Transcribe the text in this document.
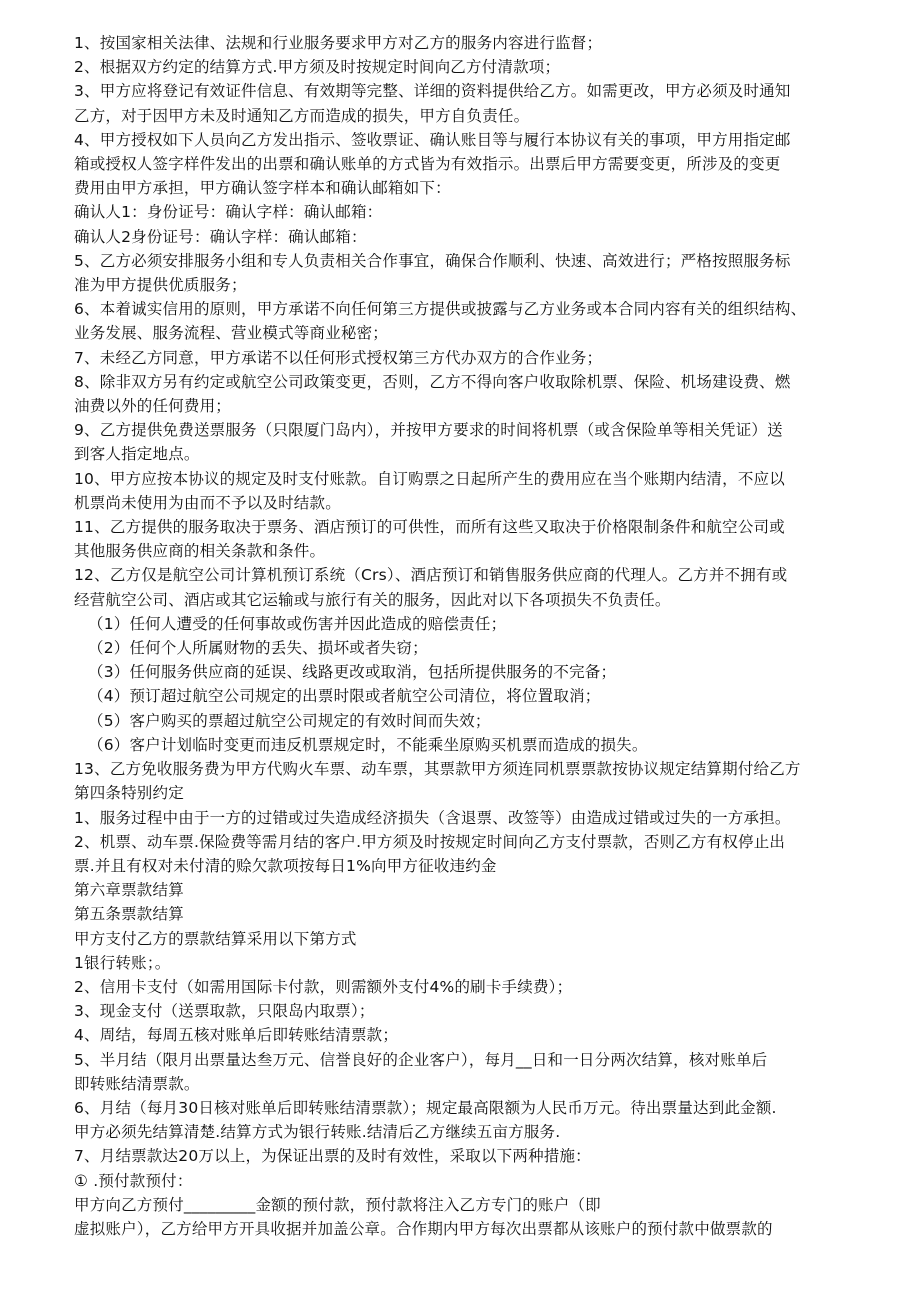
1、按国家相关法律、法规和行业服务要求甲方对乙方的服务内容进行监督；
2、根据双方约定的结算方式.甲方须及时按规定时间向乙方付清款项；
3、甲方应将登记有效证件信息、有效期等完整、详细的资料提供给乙方。如需更改，甲方必须及时通知
乙方，对于因甲方未及时通知乙方而造成的损失，甲方自负责任。
4、甲方授权如下人员向乙方发出指示、签收票证、确认账目等与履行本协议有关的事项，甲方用指定邮
箱或授权人签字样件发出的出票和确认账单的方式皆为有效指示。出票后甲方需要变更，所涉及的变更
费用由甲方承担，甲方确认签字样本和确认邮箱如下：
确认人1：身份证号：确认字样：确认邮箱：
确认人2身份证号：确认字样：确认邮箱：
5、乙方必须安排服务小组和专人负责相关合作事宜，确保合作顺利、快速、高效进行；严格按照服务标
准为甲方提供优质服务；
6、本着诚实信用的原则，甲方承诺不向任何第三方提供或披露与乙方业务或本合同内容有关的组织结构、
业务发展、服务流程、营业模式等商业秘密；
7、未经乙方同意，甲方承诺不以任何形式授权第三方代办双方的合作业务；
8、除非双方另有约定或航空公司政策变更，否则，乙方不得向客户收取除机票、保险、机场建设费、燃
油费以外的任何费用；
9、乙方提供免费送票服务（只限厦门岛内），并按甲方要求的时间将机票（或含保险单等相关凭证）送
到客人指定地点。
10、甲方应按本协议的规定及时支付账款。自订购票之日起所产生的费用应在当个账期内结清，不应以
机票尚未使用为由而不予以及时结款。
11、乙方提供的服务取决于票务、酒店预订的可供性，而所有这些又取决于价格限制条件和航空公司或
其他服务供应商的相关条款和条件。
12、乙方仅是航空公司计算机预订系统（Crs）、酒店预订和销售服务供应商的代理人。乙方并不拥有或
经营航空公司、酒店或其它运输或与旅行有关的服务，因此对以下各项损失不负责任。
（1）任何人遭受的任何事故或伤害并因此造成的赔偿责任；
（2）任何个人所属财物的丢失、损坏或者失窃；
（3）任何服务供应商的延误、线路更改或取消，包括所提供服务的不完备；
（4）预订超过航空公司规定的出票时限或者航空公司清位，将位置取消；
（5）客户购买的票超过航空公司规定的有效时间而失效；
（6）客户计划临时变更而违反机票规定时，不能乘坐原购买机票而造成的损失。
13、乙方免收服务费为甲方代购火车票、动车票，其票款甲方须连同机票票款按协议规定结算期付给乙方
第四条特别约定
1、服务过程中由于一方的过错或过失造成经济损失（含退票、改签等）由造成过错或过失的一方承担。
2、机票、动车票.保险费等需月结的客户.甲方须及时按规定时间向乙方支付票款，否则乙方有权停止出
票.并且有权对未付清的赊欠款项按每日1%向甲方征收违约金
第六章票款结算
第五条票款结算
甲方支付乙方的票款结算采用以下第方式
1银行转账；。
2、信用卡支付（如需用国际卡付款，则需额外支付4%的刷卡手续费）；
3、现金支付（送票取款，只限岛内取票）；
4、周结，每周五核对账单后即转账结清票款；
5、半月结（限月出票量达叁万元、信誉良好的企业客户），每月__日和一日分两次结算，核对账单后
即转账结清票款。
6、月结（每月30日核对账单后即转账结清票款）；规定最高限额为人民币万元。待出票量达到此金额.
甲方必须先结算清楚.结算方式为银行转账.结清后乙方继续五亩方服务.
7、月结票款达20万以上，为保证出票的及时有效性，采取以下两种措施：
① .预付款预付：
甲方向乙方预付_________金额的预付款，预付款将注入乙方专门的账户（即
虚拟账户），乙方给甲方开具收据并加盖公章。合作期内甲方每次出票都从该账户的预付款中做票款的
